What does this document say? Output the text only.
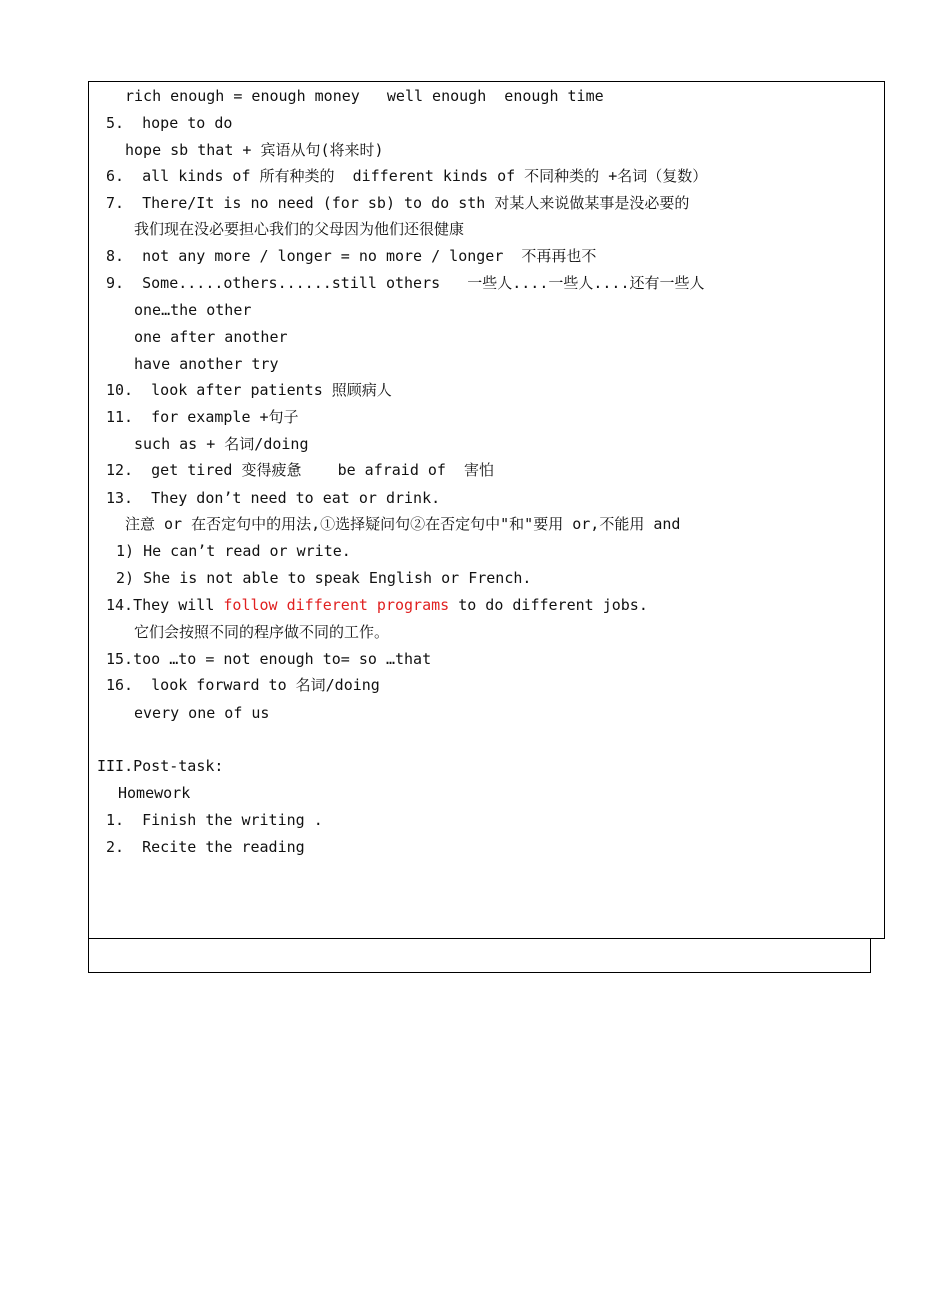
rich enough = enough money   well enough  enough time

5.  hope to do

hope sb that + 宾语从句(将来时)

6.  all kinds of 所有种类的  different kinds of 不同种类的 +名词（复数）

7.  There/It is no need (for sb) to do sth 对某人来说做某事是没必要的

我们现在没必要担心我们的父母因为他们还很健康

8.  not any more / longer = no more / longer  不再再也不

9.  Some.....others......still others   一些人....一些人....还有一些人

one…the other

one after another

have another try

10.  look after patients 照顾病人

11.  for example +句子

such as + 名词/doing

12.  get tired 变得疲惫    be afraid of  害怕

13.  They don’t need to eat or drink.

注意 or 在否定句中的用法,①选择疑问句②在否定句中"和"要用 or,不能用 and

1) He can’t read or write.

2) She is not able to speak English or French.

14.They will follow different programs to do different jobs.

它们会按照不同的程序做不同的工作。

15.too …to = not enough to= so …that

16.  look forward to 名词/doing

every one of us

III.Post-task:

Homework

1.  Finish the writing .

2.  Recite the reading
